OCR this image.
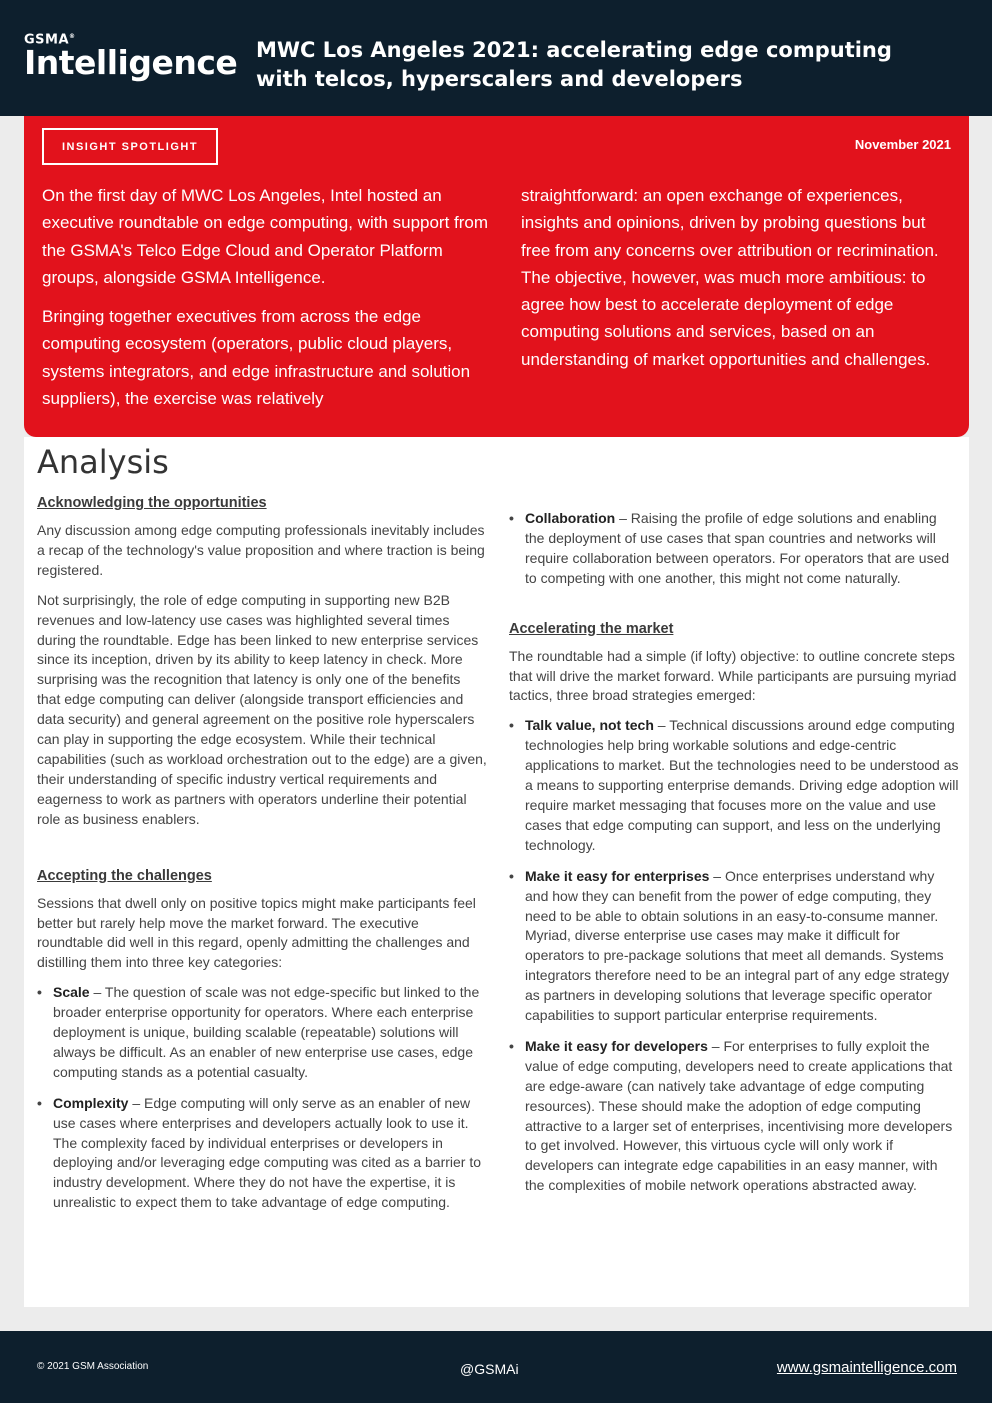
GSMA®
Intelligence MWC Los Angeles 2021: accelerating edge computing
with telcos, hyperscalers and developers
INSIGHT SPOTLIGHT	November 2021

On the first day of MWC Los Angeles, Intel hosted an executive roundtable on edge computing, with support from the GSMA's Telco Edge Cloud and Operator Platform groups, alongside GSMA Intelligence.

Bringing together executives from across the edge computing ecosystem (operators, public cloud players, systems integrators, and edge infrastructure and solution suppliers), the exercise was relatively

straightforward: an open exchange of experiences, insights and opinions, driven by probing questions but free from any concerns over attribution or recrimination. The objective, however, was much more ambitious: to agree how best to accelerate deployment of edge computing solutions and services, based on an understanding of market opportunities and challenges.

Analysis
Acknowledging the opportunities

Any discussion among edge computing professionals inevitably includes a recap of the technology's value proposition and where traction is being registered.

Not surprisingly, the role of edge computing in supporting new B2B revenues and low-latency use cases was highlighted several times during the roundtable. Edge has been linked to new enterprise services since its inception, driven by its ability to keep latency in check. More surprising was the recognition that latency is only one of the benefits that edge computing can deliver (alongside transport efficiencies and data security) and general agreement on the positive role hyperscalers can play in supporting the edge ecosystem. While their technical capabilities (such as workload orchestration out to the edge) are a given, their understanding of specific industry vertical requirements and eagerness to work as partners with operators underline their potential role as business enablers.

Accepting the challenges

Sessions that dwell only on positive topics might make participants feel better but rarely help move the market forward. The executive roundtable did well in this regard, openly admitting the challenges and distilling them into three key categories:

• Scale – The question of scale was not edge-specific but linked to the broader enterprise opportunity for operators. Where each enterprise deployment is unique, building scalable (repeatable) solutions will always be difficult. As an enabler of new enterprise use cases, edge computing stands as a potential casualty.
• Complexity – Edge computing will only serve as an enabler of new use cases where enterprises and developers actually look to use it. The complexity faced by individual enterprises or developers in deploying and/or leveraging edge computing was cited as a barrier to industry development. Where they do not have the expertise, it is unrealistic to expect them to take advantage of edge computing.
• Collaboration – Raising the profile of edge solutions and enabling the deployment of use cases that span countries and networks will require collaboration between operators. For operators that are used to competing with one another, this might not come naturally.
Accelerating the market

The roundtable had a simple (if lofty) objective: to outline concrete steps that will drive the market forward. While participants are pursuing myriad tactics, three broad strategies emerged:

• Talk value, not tech – Technical discussions around edge computing technologies help bring workable solutions and edge-centric applications to market. But the technologies need to be understood as a means to supporting enterprise demands. Driving edge adoption will require market messaging that focuses more on the value and use cases that edge computing can support, and less on the underlying technology.
• Make it easy for enterprises – Once enterprises understand why and how they can benefit from the power of edge computing, they need to be able to obtain solutions in an easy-to-consume manner. Myriad, diverse enterprise use cases may make it difficult for operators to pre-package solutions that meet all demands. Systems integrators therefore need to be an integral part of any edge strategy as partners in developing solutions that leverage specific operator capabilities to support particular enterprise requirements.
• Make it easy for developers – For enterprises to fully exploit the value of edge computing, developers need to create applications that are edge-aware (can natively take advantage of edge computing resources). These should make the adoption of edge computing attractive to a larger set of enterprises, incentivising more developers to get involved. However, this virtuous cycle will only work if developers can integrate edge capabilities in an easy manner, with the complexities of mobile network operations abstracted away.
© 2021 GSM Association	@GSMAi	www.gsmaintelligence.com
